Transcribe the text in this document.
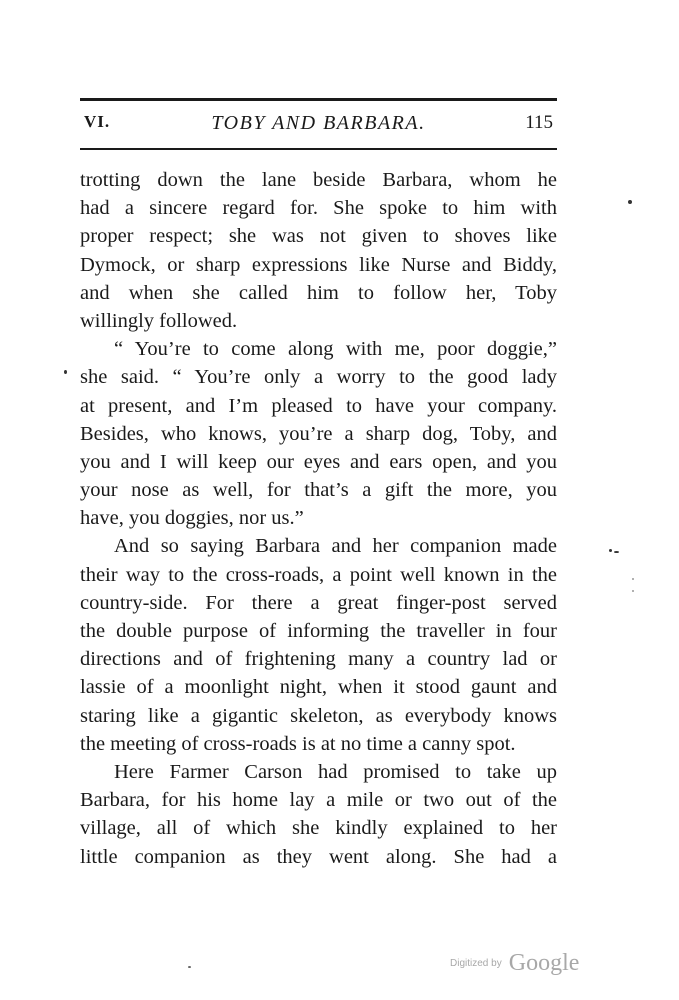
VI.	TOBY AND BARBARA.	115
trotting down the lane beside Barbara, whom he
had a sincere regard for. She spoke to him with
proper respect; she was not given to shoves like
Dymock, or sharp expressions like Nurse and Biddy,
and when she called him to follow her, Toby
willingly followed.
“ You’re to come along with me, poor doggie,”
she said. “ You’re only a worry to the good lady
at present, and I’m pleased to have your company.
Besides, who knows, you’re a sharp dog, Toby, and
you and I will keep our eyes and ears open, and you
your nose as well, for that’s a gift the more, you
have, you doggies, nor us.”
And so saying Barbara and her companion made
their way to the cross-roads, a point well known in the
country-side. For there a great finger-post served
the double purpose of informing the traveller in four
directions and of frightening many a country lad or
lassie of a moonlight night, when it stood gaunt and
staring like a gigantic skeleton, as everybody knows
the meeting of cross-roads is at no time a canny spot.
Here Farmer Carson had promised to take up
Barbara, for his home lay a mile or two out of the
village, all of which she kindly explained to her
little companion as they went along. She had a
Digitized by Google
